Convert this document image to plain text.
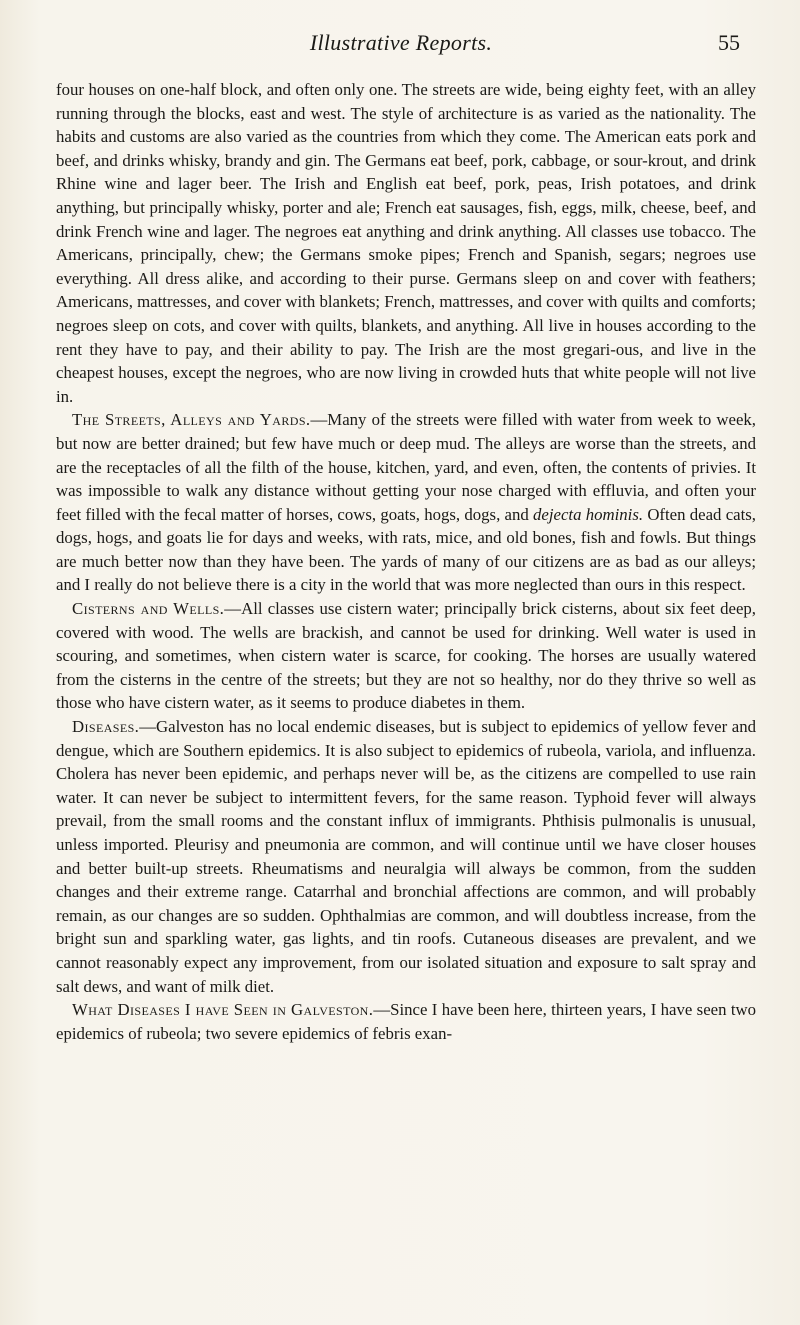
Illustrative Reports.	55

four houses on one-half block, and often only one. The streets are wide, being eighty feet, with an alley running through the blocks, east and west. The style of architecture is as varied as the nationality. The habits and customs are also varied as the countries from which they come. The American eats pork and beef, and drinks whisky, brandy and gin. The Germans eat beef, pork, cabbage, or sour-krout, and drink Rhine wine and lager beer. The Irish and English eat beef, pork, peas, Irish potatoes, and drink anything, but principally whisky, porter and ale; French eat sausages, fish, eggs, milk, cheese, beef, and drink French wine and lager. The negroes eat anything and drink anything. All classes use tobacco. The Americans, principally, chew; the Germans smoke pipes; French and Spanish, segars; negroes use everything. All dress alike, and according to their purse. Germans sleep on and cover with feathers; Americans, mattresses, and cover with blankets; French, mattresses, and cover with quilts and comforts; negroes sleep on cots, and cover with quilts, blankets, and anything. All live in houses according to the rent they have to pay, and their ability to pay. The Irish are the most gregari-ous, and live in the cheapest houses, except the negroes, who are now living in crowded huts that white people will not live in.

The Streets, Alleys and Yards.—Many of the streets were filled with water from week to week, but now are better drained; but few have much or deep mud. The alleys are worse than the streets, and are the receptacles of all the filth of the house, kitchen, yard, and even, often, the contents of privies. It was impossible to walk any distance without getting your nose charged with effluvia, and often your feet filled with the fecal matter of horses, cows, goats, hogs, dogs, and dejecta hominis. Often dead cats, dogs, hogs, and goats lie for days and weeks, with rats, mice, and old bones, fish and fowls. But things are much better now than they have been. The yards of many of our citizens are as bad as our alleys; and I really do not believe there is a city in the world that was more neglected than ours in this respect.

Cisterns and Wells.—All classes use cistern water; principally brick cisterns, about six feet deep, covered with wood. The wells are brackish, and cannot be used for drinking. Well water is used in scouring, and sometimes, when cistern water is scarce, for cooking. The horses are usually watered from the cisterns in the centre of the streets; but they are not so healthy, nor do they thrive so well as those who have cistern water, as it seems to produce diabetes in them.

Diseases.—Galveston has no local endemic diseases, but is subject to epidemics of yellow fever and dengue, which are Southern epidemics. It is also subject to epidemics of rubeola, variola, and influenza. Cholera has never been epidemic, and perhaps never will be, as the citizens are compelled to use rain water. It can never be subject to intermittent fevers, for the same reason. Typhoid fever will always prevail, from the small rooms and the constant influx of immigrants. Phthisis pulmonalis is unusual, unless imported. Pleurisy and pneumonia are common, and will continue until we have closer houses and better built-up streets. Rheumatisms and neuralgia will always be common, from the sudden changes and their extreme range. Catarrhal and bronchial affections are common, and will probably remain, as our changes are so sudden. Ophthalmias are common, and will doubtless increase, from the bright sun and sparkling water, gas lights, and tin roofs. Cutaneous diseases are prevalent, and we cannot reasonably expect any improvement, from our isolated situation and exposure to salt spray and salt dews, and want of milk diet.

What Diseases I have Seen in Galveston.—Since I have been here, thirteen years, I have seen two epidemics of rubeola; two severe epidemics of febris exan-
